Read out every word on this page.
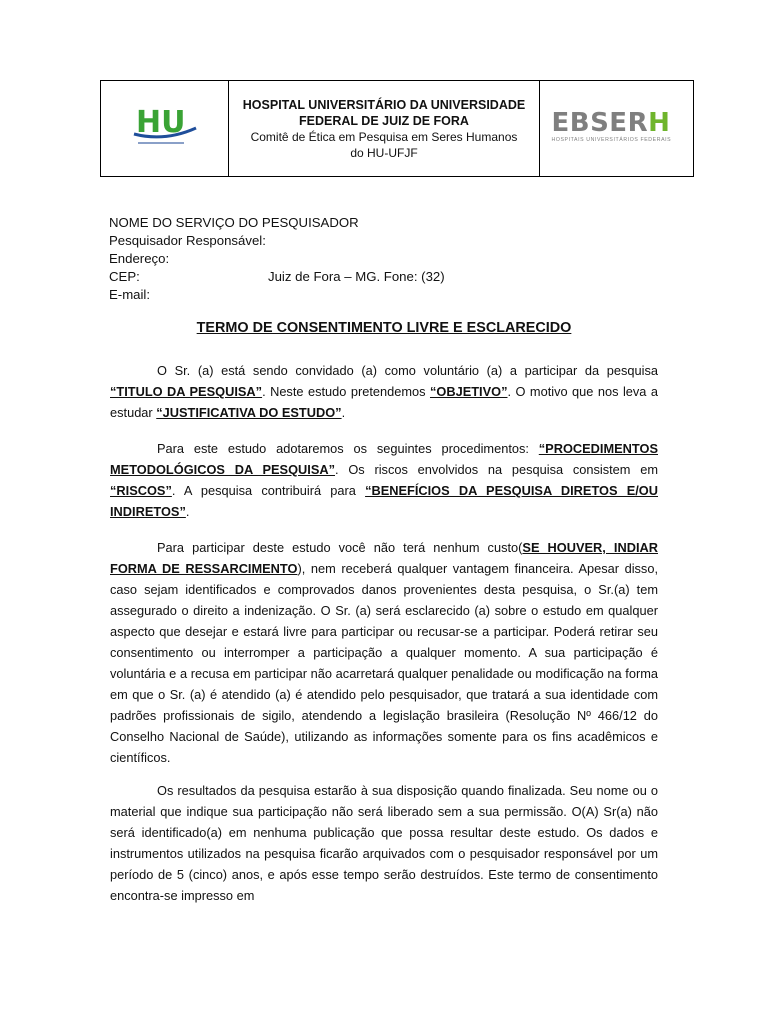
HU	HOSPITAL UNIVERSITÁRIO DA UNIVERSIDADE
FEDERAL DE JUIZ DE FORA
Comitê de Ética em Pesquisa em Seres Humanos
do HU-UFJF
EBSERH
HOSPITAIS UNIVERSITÁRIOS FEDERAIS
NOME DO SERVIÇO DO PESQUISADOR
Pesquisador Responsável:
Endereço:
CEP:	Juiz de Fora – MG. Fone: (32)
E-mail:
TERMO DE CONSENTIMENTO LIVRE E ESCLARECIDO
O Sr. (a) está sendo convidado (a) como voluntário (a) a participar da pesquisa “TITULO DA PESQUISA”. Neste estudo pretendemos “OBJETIVO”. O motivo que nos leva a estudar “JUSTIFICATIVA DO ESTUDO”.
Para este estudo adotaremos os seguintes procedimentos: “PROCEDIMENTOS METODOLÓGICOS DA PESQUISA”. Os riscos envolvidos na pesquisa consistem em “RISCOS”. A pesquisa contribuirá para “BENEFÍCIOS DA PESQUISA DIRETOS E/OU INDIRETOS”.
Para participar deste estudo você não terá nenhum custo(SE HOUVER, INDIAR FORMA DE RESSARCIMENTO), nem receberá qualquer vantagem financeira. Apesar disso, caso sejam identificados e comprovados danos provenientes desta pesquisa, o Sr.(a) tem assegurado o direito a indenização. O Sr. (a) será esclarecido (a) sobre o estudo em qualquer aspecto que desejar e estará livre para participar ou recusar-se a participar. Poderá retirar seu consentimento ou interromper a participação a qualquer momento. A sua participação é voluntária e a recusa em participar não acarretará qualquer penalidade ou modificação na forma em que o Sr. (a) é atendido (a) é atendido pelo pesquisador, que tratará a sua identidade com padrões profissionais de sigilo, atendendo a legislação brasileira (Resolução Nº 466/12 do Conselho Nacional de Saúde), utilizando as informações somente para os fins acadêmicos e científicos.
Os resultados da pesquisa estarão à sua disposição quando finalizada. Seu nome ou o material que indique sua participação não será liberado sem a sua permissão. O(A) Sr(a) não será identificado(a) em nenhuma publicação que possa resultar deste estudo. Os dados e instrumentos utilizados na pesquisa ficarão arquivados com o pesquisador responsável por um período de 5 (cinco) anos, e após esse tempo serão destruídos. Este termo de consentimento encontra-se impresso em
